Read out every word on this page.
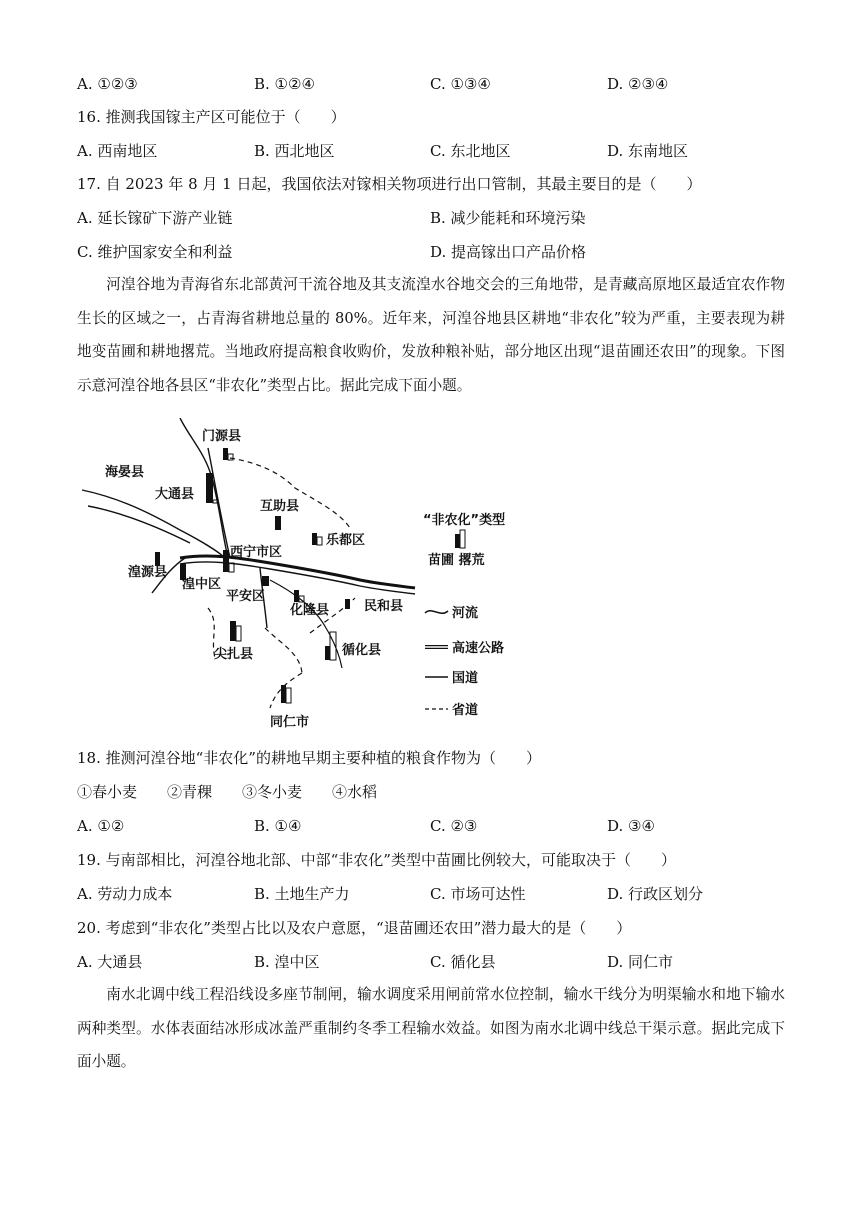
A. ①②③	B. ①②④	C. ①③④	D. ②③④
16. 推测我国镓主产区可能位于（　　）
A. 西南地区	B. 西北地区	C. 东北地区	D. 东南地区
17. 自 2023 年 8 月 1 日起，我国依法对镓相关物项进行出口管制，其最主要目的是（　　）
A. 延长镓矿下游产业链	B. 减少能耗和环境污染
C. 维护国家安全和利益	D. 提高镓出口产品价格

河湟谷地为青海省东北部黄河干流谷地及其支流湟水谷地交会的三角地带，是青藏高原地区最适宜农作物生长的区域之一，占青海省耕地总量的 80%。近年来，河湟谷地县区耕地“非农化”较为严重，主要表现为耕地变苗圃和耕地撂荒。当地政府提高粮食收购价，发放种粮补贴，部分地区出现“退苗圃还农田”的现象。下图示意河湟谷地各县区“非农化”类型占比。据此完成下面小题。

门源县
海晏县
大通县
互助县
乐都区
西宁市区
湟源县
湟中区
平安区
化隆县	民和县
尖扎县	循化县
同仁市
“非农化”类型
苗圃 撂荒
河流
高速公路
国道
省道
18. 推测河湟谷地“非农化”的耕地早期主要种植的粮食作物为（　　）
①春小麦　　②青稞　　③冬小麦　　④水稻
A. ①②	B. ①④	C. ②③	D. ③④
19. 与南部相比，河湟谷地北部、中部“非农化”类型中苗圃比例较大，可能取决于（　　）
A. 劳动力成本	B. 土地生产力	C. 市场可达性	D. 行政区划分
20. 考虑到“非农化”类型占比以及农户意愿，“退苗圃还农田”潜力最大的是（　　）
A. 大通县	B. 湟中区	C. 循化县	D. 同仁市

南水北调中线工程沿线设多座节制闸，输水调度采用闸前常水位控制，输水干线分为明渠输水和地下输水两种类型。水体表面结冰形成冰盖严重制约冬季工程输水效益。如图为南水北调中线总干渠示意。据此完成下面小题。
